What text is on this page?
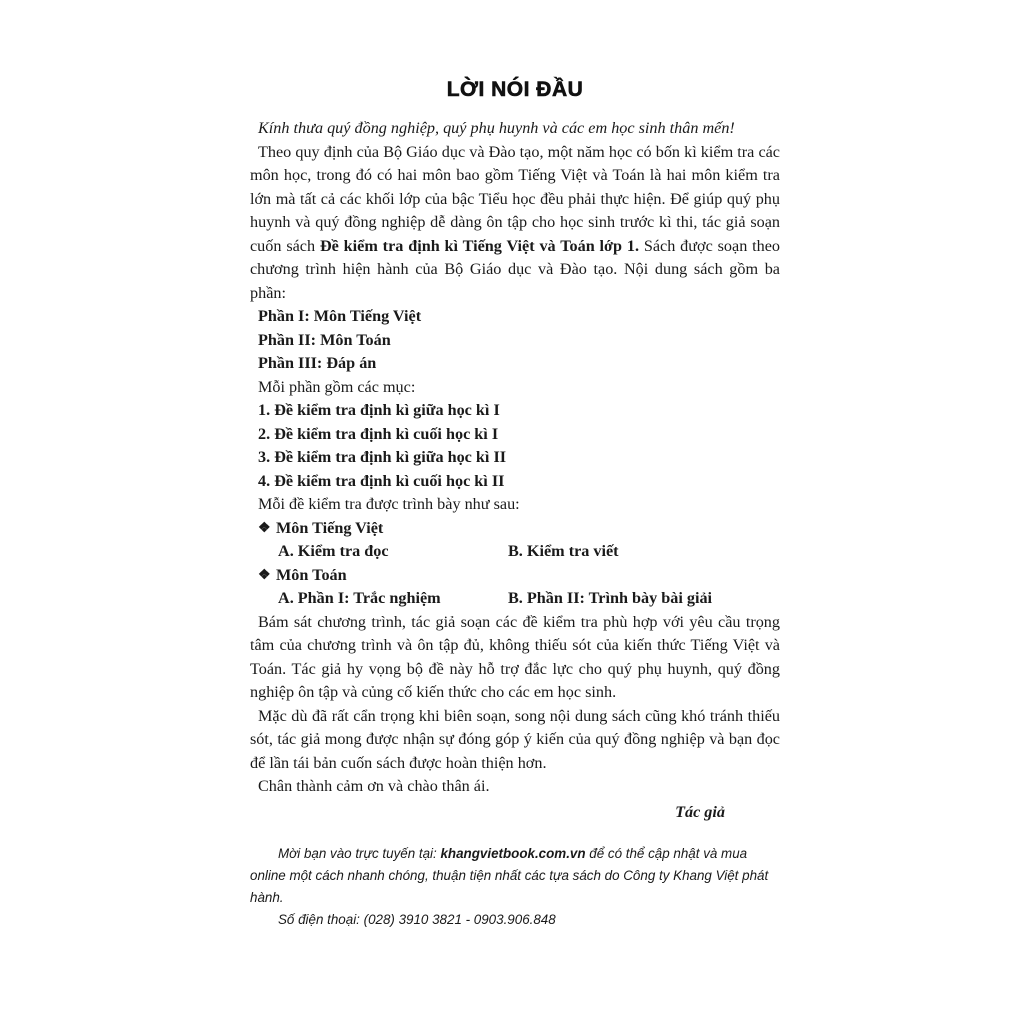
LỜI NÓI ĐẦU

Kính thưa quý đồng nghiệp, quý phụ huynh và các em học sinh thân mến!

Theo quy định của Bộ Giáo dục và Đào tạo, một năm học có bốn kì kiểm tra các môn học, trong đó có hai môn bao gồm Tiếng Việt và Toán là hai môn kiểm tra lớn mà tất cả các khối lớp của bậc Tiểu học đều phải thực hiện. Để giúp quý phụ huynh và quý đồng nghiệp dễ dàng ôn tập cho học sinh trước kì thi, tác giả soạn cuốn sách Đề kiểm tra định kì Tiếng Việt và Toán lớp 1. Sách được soạn theo chương trình hiện hành của Bộ Giáo dục và Đào tạo. Nội dung sách gồm ba phần:

Phần I: Môn Tiếng Việt

Phần II: Môn Toán

Phần III: Đáp án

Mỗi phần gồm các mục:

1. Đề kiểm tra định kì giữa học kì I

2. Đề kiểm tra định kì cuối học kì I

3. Đề kiểm tra định kì giữa học kì II

4. Đề kiểm tra định kì cuối học kì II

Mỗi đề kiểm tra được trình bày như sau:

❖ Môn Tiếng Việt

A. Kiểm tra đọc	B. Kiểm tra viết

❖ Môn Toán

A. Phần I: Trắc nghiệm	B. Phần II: Trình bày bài giải

Bám sát chương trình, tác giả soạn các đề kiểm tra phù hợp với yêu cầu trọng tâm của chương trình và ôn tập đủ, không thiếu sót của kiến thức Tiếng Việt và Toán. Tác giả hy vọng bộ đề này hỗ trợ đắc lực cho quý phụ huynh, quý đồng nghiệp ôn tập và củng cố kiến thức cho các em học sinh.

Mặc dù đã rất cẩn trọng khi biên soạn, song nội dung sách cũng khó tránh thiếu sót, tác giả mong được nhận sự đóng góp ý kiến của quý đồng nghiệp và bạn đọc để lần tái bản cuốn sách được hoàn thiện hơn.

Chân thành cảm ơn và chào thân ái.

Tác giả

Mời bạn vào trực tuyến tại: khangvietbook.com.vn để có thể cập nhật và mua online một cách nhanh chóng, thuận tiện nhất các tựa sách do Công ty Khang Việt phát hành.

Số điện thoại: (028) 3910 3821 - 0903.906.848
